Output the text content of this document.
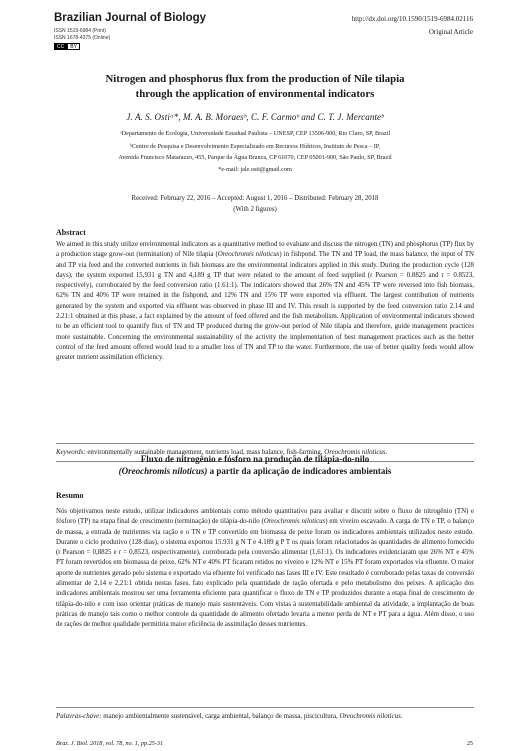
Brazilian Journal of Biology
ISSN 1519-6984 (Print)
ISSN 1678-4375 (Online)
CC	BY
http://dx.doi.org/10.1590/1519-6984.02116
Original Article
Nitrogen and phosphorus flux from the production of Nile tilapia
through the application of environmental indicators
J. A. S. Ostiᵃ*, M. A. B. Moraesᵇ, C. F. Carmoᵇ and C. T. J. Mercanteᵇ
ᵃDepartamento de Ecologia, Universidade Estadual Paulista – UNESP, CEP 13506-900, Rio Claro, SP, Brazil
ᵇCentro de Pesquisa e Desenvolvimento Especializado em Recursos Hídricos, Instituto de Pesca – IP,
Avenida Francisco Matarazzo, 455, Parque da Água Branca, CP 61070, CEP 05001-900, São Paulo, SP, Brazil
*e-mail: jale.osti@gmail.com
Received: February 22, 2016 – Accepted: August 1, 2016 – Distributed: February 28, 2018
(With 2 figures)
Abstract
We aimed in this study utilize environmental indicators as a quantitative method to evaluate and discuss the nitrogen (TN) and phosphorus (TP) flux by a production stage grow-out (termination) of Nile tilapia (Oreochromis niloticus) in fishpond. The TN and TP load, the mass balance, the input of TN and TP via feed and the converted nutrients in fish biomass are the environmental indicators applied in this study. During the production cycle (128 days), the system exported 15,931 g TN and 4,189 g TP that were related to the amount of feed supplied (r Pearson = 0.8825 and r = 0.8523, respectively), corroborated by the feed conversion ratio (1.61:1). The indicators showed that 26% TN and 45% TP were reversed into fish biomass, 62% TN and 40% TP were retained in the fishpond, and 12% TN and 15% TP were exported via effluent. The largest contribution of nutrients generated by the system and exported via effluent was observed in phase III and IV. This result is supported by the feed conversion ratio 2.14 and 2.21:1 obtained at this phase, a fact explained by the amount of feed offered and the fish metabolism. Application of environmental indicators showed to be an efficient tool to quantify flux of TN and TP produced during the grow-out period of Nile tilapia and therefore, guide management practices more sustainable. Concerning the environmental sustainability of the activity the implementation of best management practices such as the better control of the feed amount offered would lead to a smaller loss of TN and TP to the water. Furthermore, the use of better quality feeds would allow greater nutrient assimilation efficiency.
Keywords: environmentally sustainable management, nutrients load, mass balance, fish-farming, Oreochromis niloticus.
Fluxo de nitrogênio e fósforo na produção de tilápia-do-nilo
(Oreochromis niloticus) a partir da aplicação de indicadores ambientais
Resumo
Nós objetivamos neste estudo, utilizar indicadores ambientais como método quantitativo para avaliar e discutir sobre o fluxo de nitrogênio (TN) e fósforo (TP) na etapa final de crescimento (terminação) de tilápia-do-nilo (Oreochromis niloticus) em viveiro escavado. A carga de TN e TP, o balanço de massa, a entrada de nutrientes via ração e o TN e TP convertido em biomassa de peixe foram os indicadores ambientais utilizados neste estudo. Durante o ciclo produtivo (128 dias), o sistema exportou 15.931 g N T e 4.189 g P T os quais foram relacionados às quantidades de alimento fornecido (r Pearson = 0,8825 e r = 0,8523, respectivamente), corroborada pela conversão alimentar (1,61:1). Os indicadores evidenciaram que 26% NT e 45% PT foram revertidos em biomassa de peixe, 62% NT e 40% PT ficaram retidos no viveiro e 12% NT e 15% PT foram exportados via efluente. O maior aporte de nutrientes gerado pelo sistema e exportado via efluente foi verificado nas fases III e IV. Este resultado é corroborado pelas taxas de conversão alimentar de 2,14 e 2,21:1 obtida nestas fases, fato explicado pela quantidade de ração ofertada e pelo metabolismo dos peixes. A aplicação dos indicadores ambientais mostrou ser uma ferramenta eficiente para quantificar o fluxo de TN e TP produzidos durante a etapa final de crescimento de tilápia-do-nilo e com isso orientar práticas de manejo mais sustentáveis. Com vistas à sustentabilidade ambiental da atividade, a implantação de boas práticas de manejo tais como o melhor controle da quantidade de alimento ofertado levaria a menor perda de NT e PT para a água. Além disso, o uso de rações de melhor qualidade permitiria maior eficiência de assimilação desses nutrientes.
Palavras-chave: manejo ambientalmente sustentável, carga ambiental, balanço de massa, piscicultura, Oreochromis niloticus.
Braz. J. Biol. 2018, vol. 78, no. 1, pp.25-31	25
